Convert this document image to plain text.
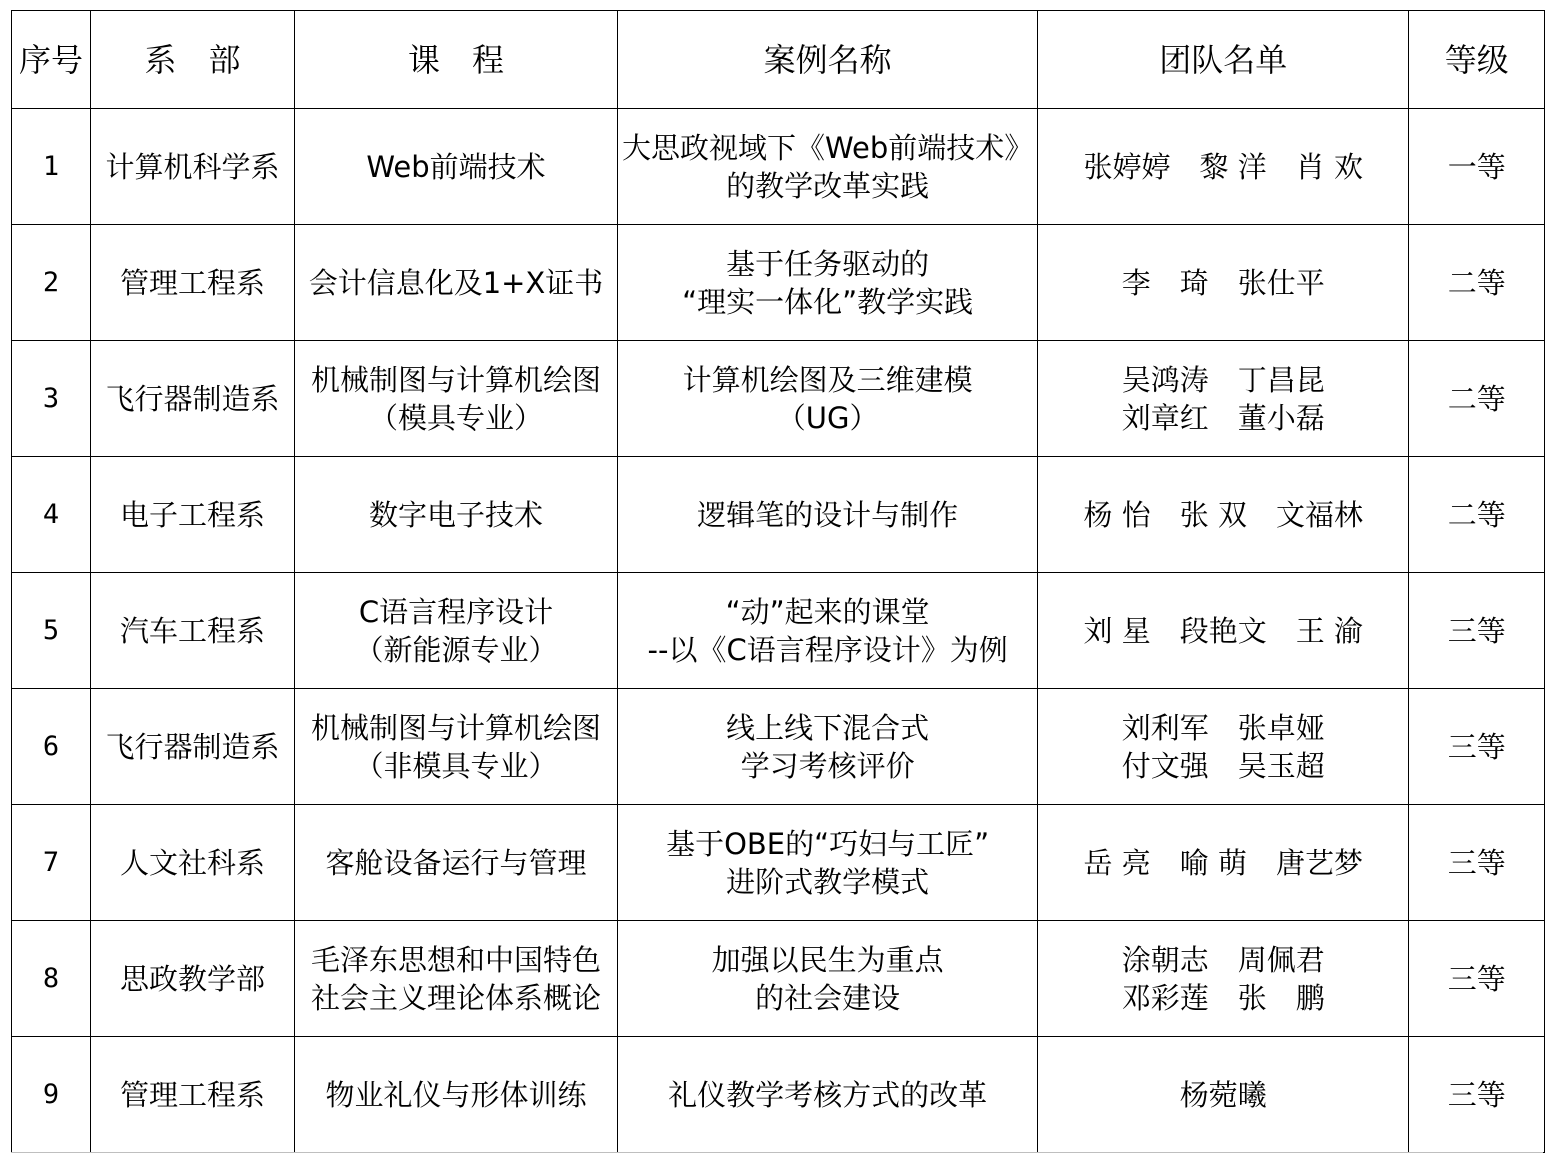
序号	系　部	课　程	案例名称	团队名单	等级
1	计算机科学系	Web前端技术	大思政视域下《Web前端技术》
的教学改革实践	张婷婷　黎 洋　肖 欢	一等
2	管理工程系	会计信息化及1+X证书	基于任务驱动的
“理实一体化”教学实践	李　琦　张仕平	二等
3	飞行器制造系	机械制图与计算机绘图
（模具专业）	计算机绘图及三维建模
（UG）	吴鸿涛　丁昌昆
刘章红　董小磊	二等
4	电子工程系	数字电子技术	逻辑笔的设计与制作	杨 怡　张 双　文福林	二等
5	汽车工程系	C语言程序设计
（新能源专业）	“动”起来的课堂
--以《C语言程序设计》为例	刘 星　段艳文　王 渝	三等
6	飞行器制造系	机械制图与计算机绘图
（非模具专业）	线上线下混合式
学习考核评价	刘利军　张卓娅
付文强　吴玉超	三等
7	人文社科系	客舱设备运行与管理	基于OBE的“巧妇与工匠”
进阶式教学模式	岳 亮　喻 萌　唐艺梦	三等
8	思政教学部	毛泽东思想和中国特色
社会主义理论体系概论	加强以民生为重点
的社会建设	涂朝志　周佩君
邓彩莲　张　鹏	三等
9	管理工程系	物业礼仪与形体训练	礼仪教学考核方式的改革	杨菀曦	三等
